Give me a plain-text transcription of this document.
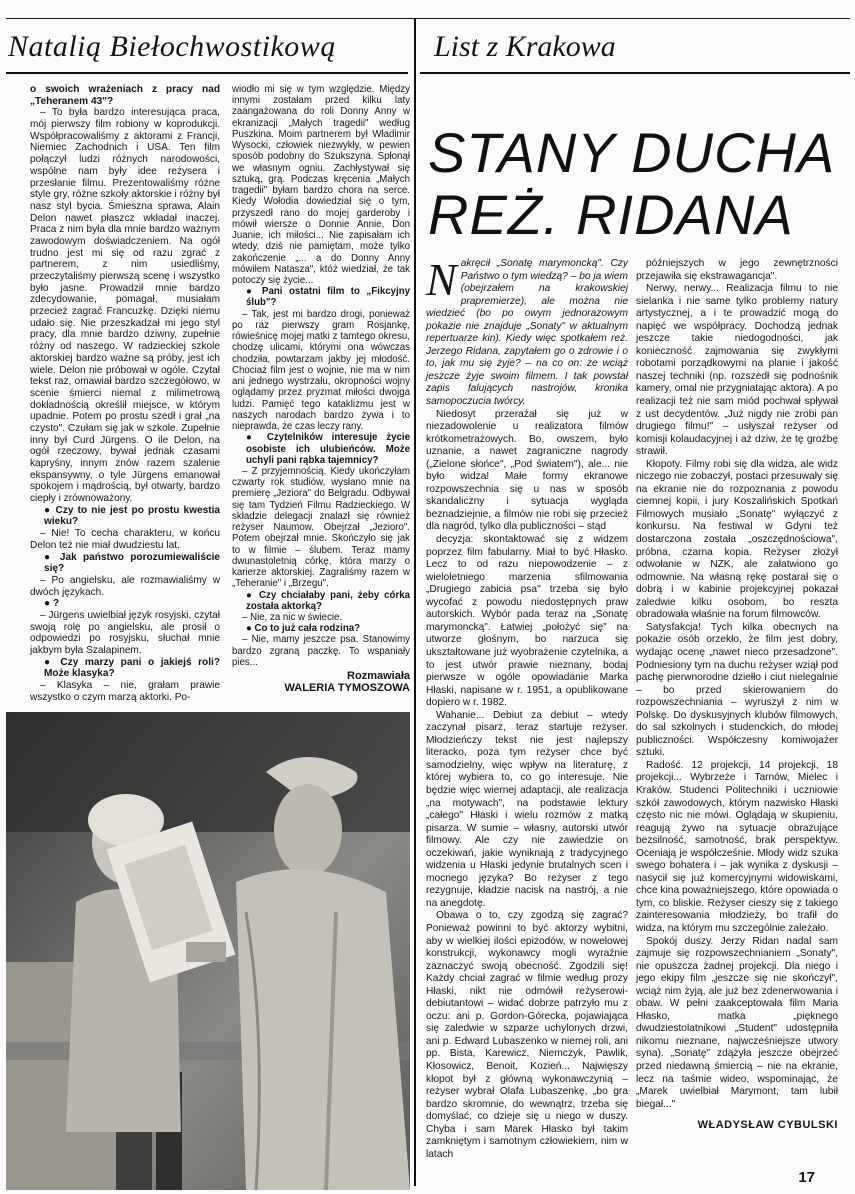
Natalią Biełochwostikową	List z Krakowa

o swoich wrażeniach z pracy nad „Teheranem 43"?

– To była bardzo interesująca praca, mój pierwszy film robiony w koprodukcji. Współpracowaliśmy z aktorami z Francji, Niemiec Zachodnich i USA. Ten film połączył ludzi różnych narodowości, wspólne nam były idee reżysera i przesłanie filmu. Prezentowaliśmy różne style gry, różne szkoły aktorskie i różny był nasz styl bycia. Śmieszna sprawa, Alain Delon nawet płaszcz wkładał inaczej. Praca z nim była dla mnie bardzo ważnym zawodowym doświadczeniem. Na ogół trudno jest mi się od razu zgrać z partnerem, z nim usiedliśmy, przeczytaliśmy pierwszą scenę i wszystko było jasne. Prowadził mnie bardzo zdecydowanie, pomagał, musiałam przecież zagrać Francuzkę. Dzięki niemu udało się. Nie przeszkadzał mi jego styl pracy, dla mnie bardzo dziwny, zupełnie różny od naszego. W radzieckiej szkole aktorskiej bardzo ważne są próby, jest ich wiele. Delon nie próbował w ogóle. Czytał tekst raz, omawiał bardzo szczegółowo, w scenie śmierci niemal z milimetrową dokładnością określił miejsce, w którym upadnie. Potem po prostu szedł i grał „na czysto". Czułam się jak w szkole. Zupełnie inny był Curd Jürgens. O ile Delon, na ogół rzeczowy, bywał jednak czasami kapryśny, innym znów razem szalenie ekspansywny, o tyle Jürgens emanował spokojem i mądrością, był otwarty, bardzo ciepły i zrównoważony.

● Czy to nie jest po prostu kwestia wieku?

– Nie! To cecha charakteru, w końcu Delon też nie miał dwudziestu lat.

● Jak państwo porozumiewaliście się?

– Po angielsku, ale rozmawialiśmy w dwóch językach.

● ?

– Jürgens uwielbiał język rosyjski, czytał swoją rolę po angielsku, ale prosił o odpowiedzi po rosyjsku, słuchał mnie jakbym była Szalapinem.

● Czy marzy pani o jakiejś roli? Może klasyka?

– Klasyka – nie, grałam prawie wszystko o czym marzą aktorki. Po-

wiodło mi się w tym względzie. Między innymi zostałam przed kilku laty zaangażowana do roli Donny Anny w ekranizacji „Małych tragedii" według Puszkina. Moim partnerem był Władimir Wysocki, człowiek niezwykły, w pewien sposób podobny do Szukszyna. Spłonął we własnym ogniu. Zachłystywał się sztuką, grą. Podczas kręcenia „Małych tragedii" byłam bardzo chora na serce. Kiedy Wołodia dowiedział się o tym, przyszedł rano do mojej garderoby i mówił wiersze o Donnie Annie, Don Juanie, ich miłości... Nie zapisałam ich wtedy, dziś nie pamiętam, może tylko zakończenie „... a do Donny Anny mówiłem Natasza", któż wiedział, że tak potoczy się życie...

● Pani ostatni film to „Fikcyjny ślub"?

– Tak, jest mi bardzo drogi, ponieważ po raz pierwszy gram Rosjankę, rówieśnicę mojej matki z tamtego okresu, chodzę ulicami, którymi ona wówczas chodziła, powtarzam jakby jej młodość. Chociaż film jest o wojnie, nie ma w nim ani jednego wystrzału, okropności wojny oglądamy przez pryzmat miłości dwojga ludzi. Pamięć tego kataklizmu jest w naszych narodach bardzo żywa i to nieprawda, że czas leczy rany.

● Czytelników interesuje życie osobiste ich ulubieńców. Może uchyli pani rąbka tajemnicy?

– Z przyjemnością. Kiedy ukończyłam czwarty rok studiów, wysłano mnie na premierę „Jeziora" do Belgradu. Odbywał się tam Tydzień Filmu Radzieckiego. W składzie delegacji znalazł się również reżyser Naumow. Obejrzał „Jezioro". Potem obejrzał mnie. Skończyło się jak to w filmie – ślubem. Teraz mamy dwunastoletnią córkę, która marzy o karierze aktorskiej. Zagraliśmy razem w „Teheranie" i „Brzegu".

● Czy chciałaby pani, żeby córka została aktorką?

– Nie, za nic w świecie.

● Co to już cała rodzina?

– Nie, mamy jeszcze psa. Stanowimy bardzo zgraną paczkę. To wspaniały pies...

Rozmawiała
WALERIA TYMOSZOWA
STANY DUCHA
REŻ. RIDANA

Nakręcił „Sonatę marymoncką". Czy Państwo o tym wiedzą? – bo ja wiem (obejrzałem na krakowskiej prapremierze), ale można nie wiedzieć (bo po owym jednorazowym pokazie nie znajduje „Sonaty" w aktualnym repertuarze kin). Kiedy więc spotkałem reż. Jerzego Ridana, zapytałem go o zdrowie i o to, jak mu się żyje? – na co on: że wciąż jeszcze żyje swoim filmem. I tak powstał zapis falujących nastrojów, kronika samopoczucia twórcy.

Niedosyt przerażał się już w niezadowolenie u realizatora filmów krótkometrażowych. Bo, owszem, było uznanie, a nawet zagraniczne nagrody („Zielone słońce", „Pod światem"), ale... nie było widza! Małe formy ekranowe rozpowszechnia się u nas w sposób skandaliczny i sytuacja wygląda beznadziejnie, a filmów nie robi się przecież dla nagród, tylko dla publiczności – stąd

decyzja: skontaktować się z widzem poprzez film fabularny. Miał to być Hłasko. Lecz to od razu niepowodzenie – z wieloletniego marzenia sfilmowania „Drugiego zabicia psa" trzeba się było wycofać z powodu niedostępnych praw autorskich. Wybór pada teraz na „Sonatę marymoncką". Łatwiej „położyć się" na utworze głośnym, bo narzuca się ukształtowane już wyobrażenie czytelnika, a to jest utwór prawie nieznany, bodaj pierwsze w ogóle opowiadanie Marka Hłaski, napisane w r. 1951, a opublikowane dopiero w r. 1982.

Wahanie... Debiut za debiut – wtedy zaczynał pisarz, teraz startuje reżyser. Młodzieńczy tekst nie jest najlepszy literacko, poza tym reżyser chce być samodzielny, więc wpływ na literaturę, z której wybiera to, co go interesuje. Nie będzie więc wiernej adaptacji, ale realizacja „na motywach", na podstawie lektury „całego" Hłaski i wielu rozmów z matką pisarza. W sumie – własny, autorski utwór filmowy. Ale czy nie zawiedzie on oczekiwań, jakie wyniknają z tradycyjnego widzenia u Hłaski jedynie brutalnych scen i mocnego języka? Bo reżyser z tego rezygnuje, kładzie nacisk na nastrój, a nie na anegdotę.

Obawa o to, czy zgodzą się zagrać? Ponieważ powinni to być aktorzy wybitni, aby w wielkiej ilości epizodów, w nowelowej konstrukcji, wykonawcy mogli wyraźnie zaznaczyć swoją obecność. Zgodzili się! Każdy chciał zagrać w filmie według prozy Hłaski, nikt nie odmówił reżyserowi-debiutantowi – widać dobrze patrzyło mu z oczu: ani p. Gordon-Górecka, pojawiająca się zaledwie w szparze uchylonych drzwi, ani p. Edward Lubaszenko w niemej roli, ani pp. Bista, Karewicz, Niemczyk, Pawlik, Kłosowicz, Benoit, Kozień... Najwięszy kłopot był z główną wykonawczynią – reżyser wybrał Olafa Lubaszenkę, „bo gra bardzo skromnie, do wewnątrz, trzeba się domyślać, co dzieje się u niego w duszy. Chyba i sam Marek Hłasko był takim zamkniętym i samotnym człowiekiem, nim w latach

późniejszych w jego zewnętrzności przejawiła się ekstrawagancja".

Nerwy, nerwy... Realizacja filmu to nie sielanka i nie same tylko problemy natury artystycznej, a i te prowadzić mogą do napięć we współpracy. Dochodzą jednak jeszcze takie niedogodności, jak konieczność zajmowania się zwykłymi robotami porządkowymi na planie i jakość naszej techniki (np. rozszedł się podnośnik kamery, omal nie przygniatając aktora). A po realizacji też nie sam miód pochwał spływał z ust decydentów. „Już nigdy nie zrobi pan drugiego filmu!" – usłyszał reżyser od komisji kolaudacyjnej i aż dziw, że tę groźbę strawił.

Kłopoty. Filmy robi się dla widza, ale widz niczego nie zobaczył, postaci przesuwały się na ekranie nie do rozpoznania z powodu ciemnej kopii, i jury Koszalińskich Spotkań Filmowych musiało „Sonatę" wyłączyć z konkursu. Na festiwal w Gdyni też dostarczona została „oszczędnościowa", próbna, czarna kopia. Reżyser złożył odwołanie w NZK, ale załatwiono go odmownie. Na własną rękę postarał się o dobrą i w kabinie projekcyjnej pokazał zaledwie kilku osobom, bo reszta obradowała właśnie na forum filmowców.

Satysfakcja! Tych kilka obecnych na pokazie osób orzekło, że film jest dobry, wydając ocenę „nawet nieco przesadzone". Podniesiony tym na duchu reżyser wziął pod pachę pierwnorodne dziełło i ciut nielegalnie – bo przed skierowaniem do rozpowszechniania – wyruszył z nim w Polskę. Do dyskusyjnych klubów filmowych, do sal szkolnych i studenckich, do młodej publiczności. Współczesny komiwojażer sztuki.

Radość. 12 projekcji, 14 projekcji, 18 projekcji... Wybrzeże i Tarnów, Mielec i Kraków. Studenci Politechniki i uczniowie szkół zawodowych, którym nazwisko Hłaski często nic nie mówi. Oglądają w skupieniu, reagują żywo na sytuacje obrazujące bezsilność, samotność, brak perspektyw. Oceniają je współcześnie. Młody widz szuka swego bohatera i – jak wynika z dyskusji – nasycił się już komercyjnymi widowiskami, chce kina poważniejszego, które opowiada o tym, co bliskie. Reżyser cieszy się z takiego zainteresowania młodzieży, bo trafił do widza, na którym mu szczególnie zależało.

Spokój duszy. Jerzy Ridan nadal sam zajmuje się rozpowszechnianiem „Sonaty", nie opuszcza żadnej projekcji. Dla niego i jego ekipy film „jeszcze się nie skończył", wciąż nim żyją, ale już bez zdenerwowania i obaw. W pełni zaakceptowała film Maria Hłasko, matka „pięknego dwudziestolatnikowi „Student" udostępniła nikomu nieznane, najwcześniejsze utwory syna). „Sonatę" zdążyła jeszcze obejrzeć przed niedawną śmiercią – nie na ekranie, lecz na taśmie wideo, wspominając, że „Marek uwielbiał Marymont, tam lubił biegał..."

WŁADYSŁAW CYBULSKI
17
